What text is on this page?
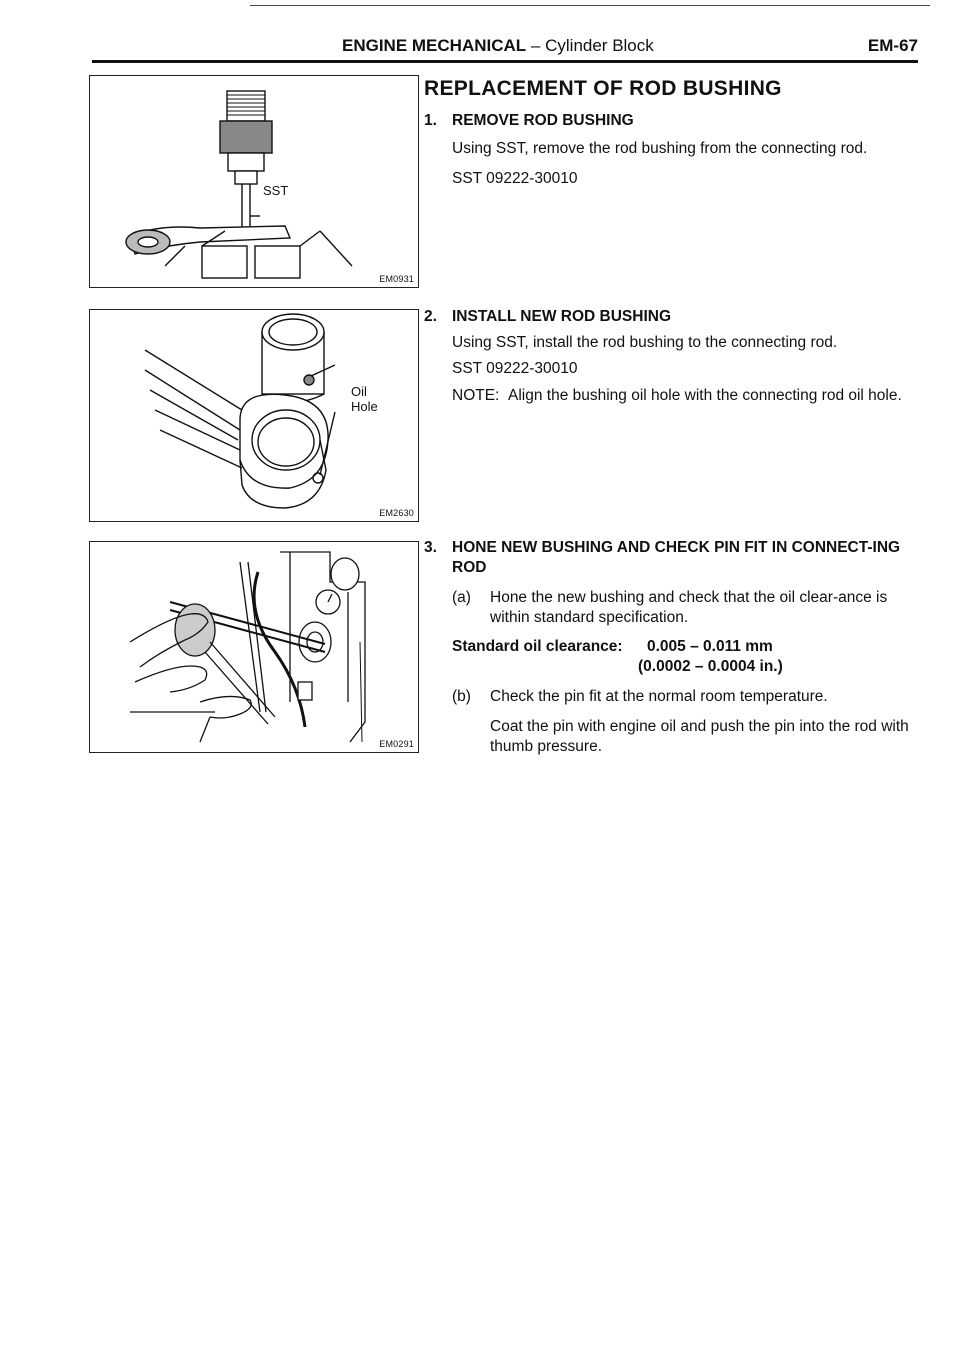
ENGINE MECHANICAL – Cylinder Block	EM-67
SST
EM0931
Oil
Hole
EM2630
EM0291
REPLACEMENT OF ROD BUSHING
1. REMOVE ROD BUSHING

Using SST, remove the rod bushing from the connecting rod.

SST 09222-30010

2. INSTALL NEW ROD BUSHING

Using SST, install the rod bushing to the connecting rod.

SST 09222-30010

NOTE: Align the bushing oil hole with the connecting rod oil hole.

3. HONE NEW BUSHING AND CHECK PIN FIT IN CONNECT-ING ROD

(a) Hone the new bushing and check that the oil clear-ance is within standard specification.

Standard oil clearance: 0.005 – 0.011 mm
(0.0002 – 0.0004 in.)
(b) Check the pin fit at the normal room temperature.

Coat the pin with engine oil and push the pin into the rod with thumb pressure.
